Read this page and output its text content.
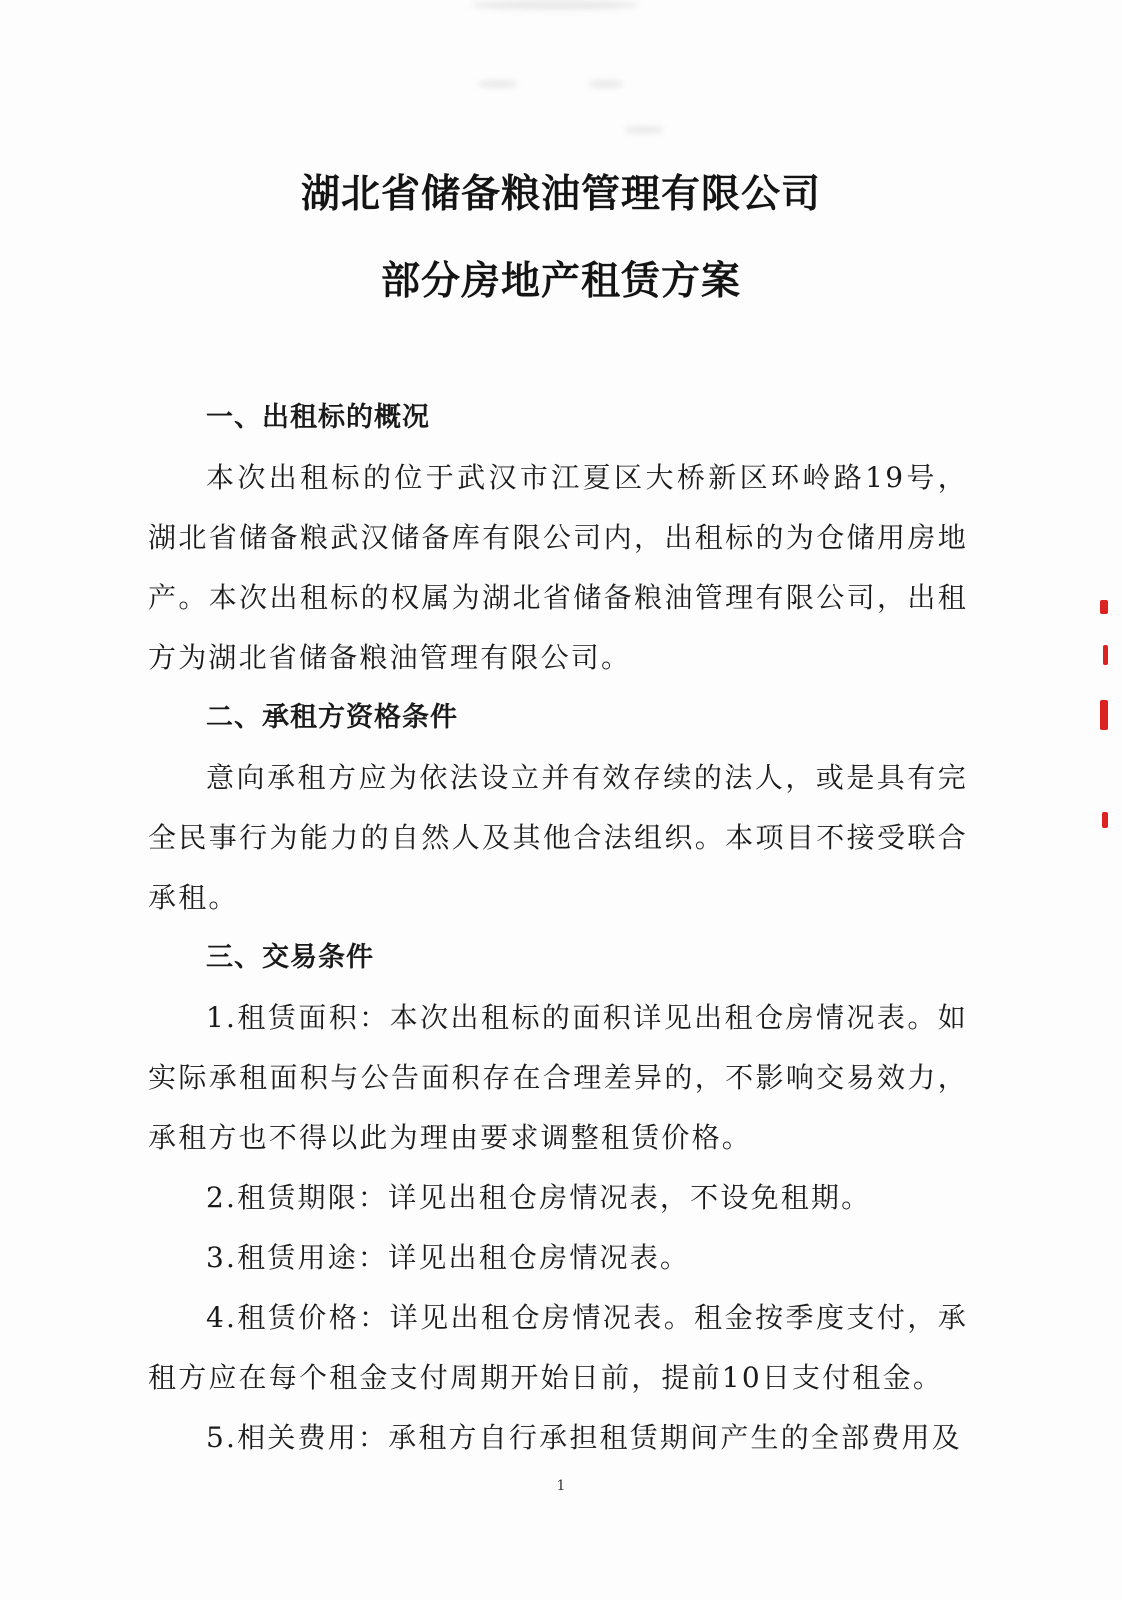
湖北省储备粮油管理有限公司
部分房地产租赁方案
一、出租标的概况

本次出租标的位于武汉市江夏区大桥新区环岭路19号，湖北省储备粮武汉储备库有限公司内，出租标的为仓储用房地产。本次出租标的权属为湖北省储备粮油管理有限公司，出租方为湖北省储备粮油管理有限公司。

二、承租方资格条件

意向承租方应为依法设立并有效存续的法人，或是具有完全民事行为能力的自然人及其他合法组织。本项目不接受联合承租。

三、交易条件

1.租赁面积：本次出租标的面积详见出租仓房情况表。如实际承租面积与公告面积存在合理差异的，不影响交易效力，承租方也不得以此为理由要求调整租赁价格。

2.租赁期限：详见出租仓房情况表，不设免租期。

3.租赁用途：详见出租仓房情况表。

4.租赁价格：详见出租仓房情况表。租金按季度支付，承租方应在每个租金支付周期开始日前，提前10日支付租金。

5.相关费用：承租方自行承担租赁期间产生的全部费用及

1
